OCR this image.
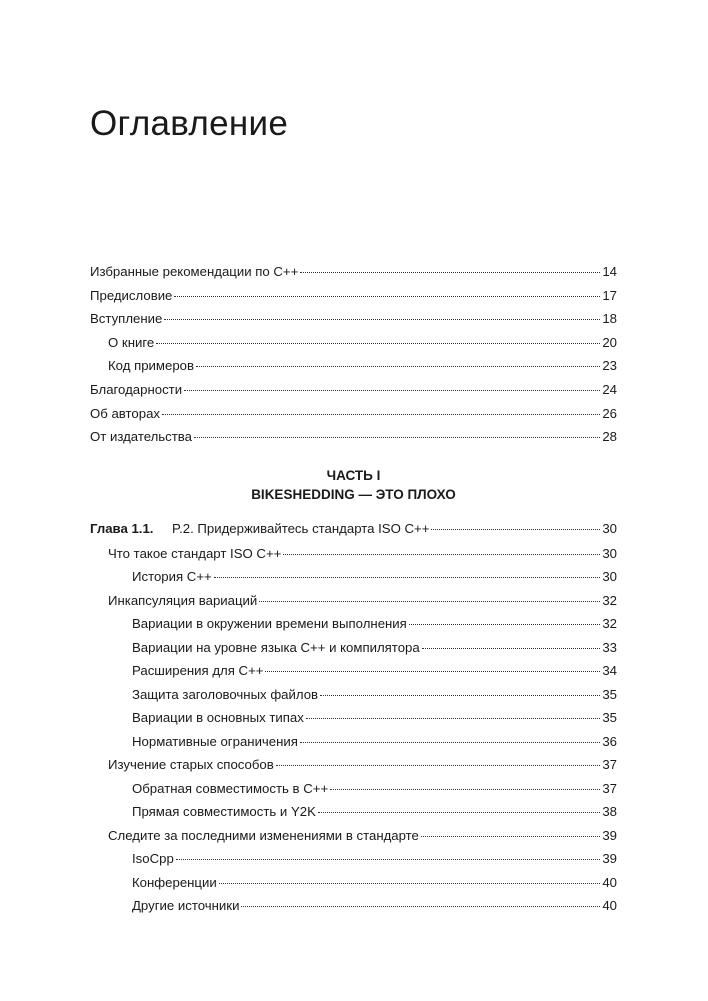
Оглавление
ЧАСТЬ I
BIKESHEDDING — ЭТО ПЛОХО
Избранные рекомендации по C++	14
Предисловие	17
Вступление	18
О книге	20
Код примеров	23
Благодарности	24
Об авторах	26
От издательства	28
Глава 1.1.	P.2. Придерживайтесь стандарта ISO C++	30
Что такое стандарт ISO C++	30
История C++	30
Инкапсуляция вариаций	32
Вариации в окружении времени выполнения	32
Вариации на уровне языка C++ и компилятора	33
Расширения для C++	34
Защита заголовочных файлов	35
Вариации в основных типах	35
Нормативные ограничения	36
Изучение старых способов	37
Обратная совместимость в C++	37
Прямая совместимость и Y2K	38
Следите за последними изменениями в стандарте	39
IsoCpp	39
Конференции	40
Другие источники	40
